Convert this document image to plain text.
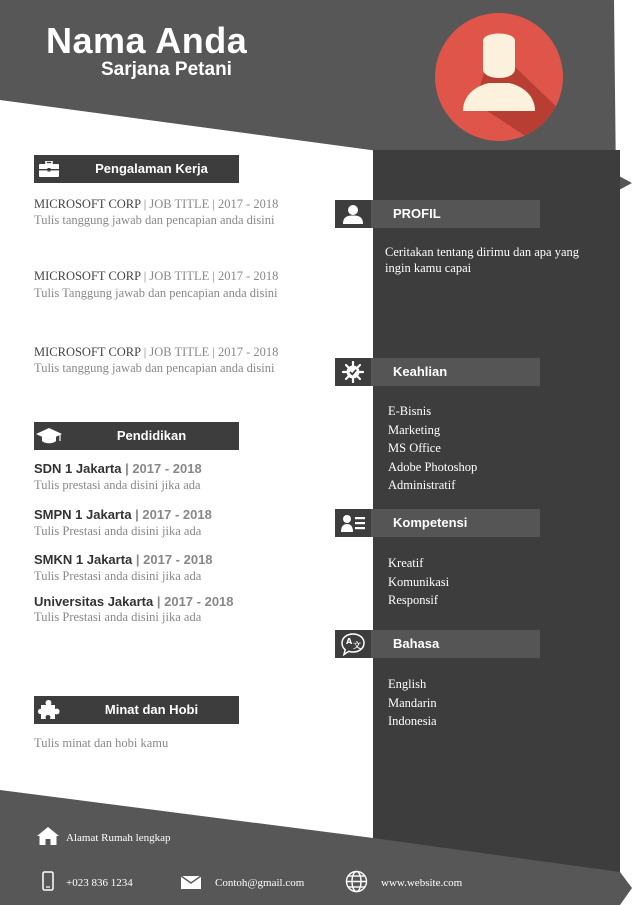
Nama Anda
Sarjana Petani
Pengalaman Kerja
MICROSOFT CORP | JOB TITLE | 2017 - 2018
Tulis tanggung jawab dan pencapian anda disini
MICROSOFT CORP | JOB TITLE | 2017 - 2018
Tulis Tanggung jawab dan pencapian anda disini
MICROSOFT CORP | JOB TITLE | 2017 - 2018
Tulis tanggung jawab dan pencapian anda disini
Pendidikan
SDN 1 Jakarta | 2017 - 2018
Tulis prestasi anda disini jika ada
SMPN 1 Jakarta | 2017 - 2018
Tulis Prestasi anda disini jika ada
SMKN 1 Jakarta | 2017 - 2018
Tulis Prestasi anda disini jika ada
Universitas Jakarta | 2017 - 2018
Tulis Prestasi anda disini jika ada
Minat dan Hobi
Tulis minat dan hobi kamu
PROFIL
Ceritakan tentang dirimu dan apa yang
ingin kamu capai
Keahlian
E-Bisnis
Marketing
MS Office
Adobe Photoshop
Administratif
Kompetensi
Kreatif
Komunikasi
Responsif
A 文 Bahasa
English
Mandarin
Indonesia
Alamat Rumah lengkap
+023 836 1234	Contoh@gmail.com	www.website.com
